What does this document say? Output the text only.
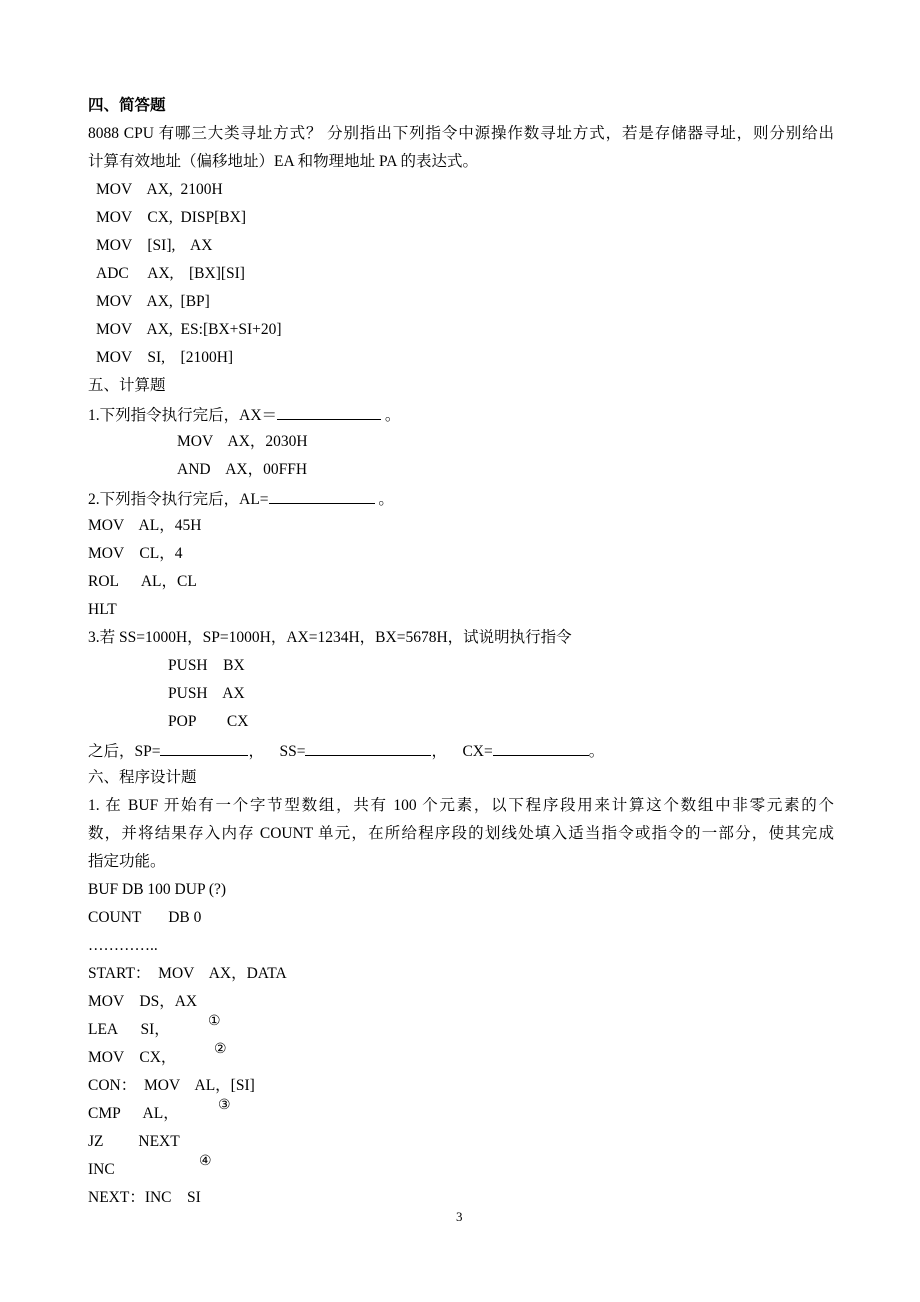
四、简答题
8088 CPU 有哪三大类寻址方式？ 分别指出下列指令中源操作数寻址方式，若是存储器寻址，则分别给出
计算有效地址（偏移地址）EA 和物理地址 PA 的表达式。
MOV    AX,  2100H
MOV    CX,  DISP[BX]
MOV    [SI],    AX
ADC     AX,    [BX][SI]
MOV    AX,  [BP]
MOV    AX,  ES:[BX+SI+20]
MOV    SI,    [2100H]
五、计算题
1.下列指令执行完后，AX＝	。
MOV    AX，2030H
AND    AX，00FFH
2.下列指令执行完后，AL=	。
MOV    AL，45H
MOV    CL，4
ROL      AL，CL
HLT
3.若 SS=1000H，SP=1000H，AX=1234H，BX=5678H，试说明执行指令
PUSH    BX
PUSH    AX
POP        CX
之后，SP=	，    SS=	，    CX=	。
六、程序设计题
1. 在 BUF 开始有一个字节型数组，共有 100 个元素，以下程序段用来计算这个数组中非零元素的个
数，并将结果存入内存 COUNT 单元，在所给程序段的划线处填入适当指令或指令的一部分，使其完成
指定功能。
BUF DB 100 DUP (?)
COUNT       DB 0
…………..
START：  MOV    AX，DATA
MOV    DS，AX
LEA      SI，	①
MOV    CX，	②
CON：  MOV    AL，[SI]
CMP      AL，	③
JZ         NEXT
INC	④
NEXT：INC    SI
3
